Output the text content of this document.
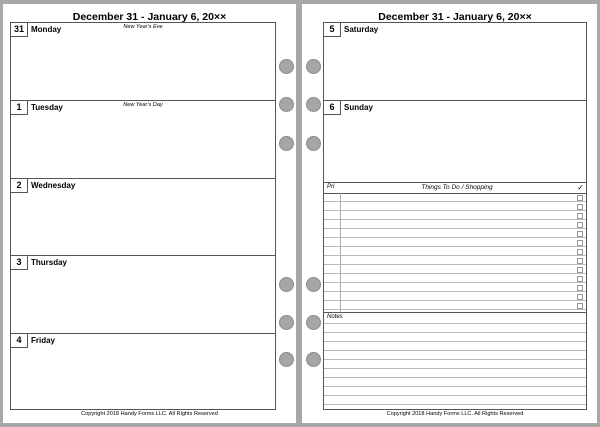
December 31 - January 6, 20××
31 Monday	New Year's Eve
1	Tuesday	New Year's Day
2	Wednesday
3	Thursday
4	Friday
Copyright 2018 Handy Forms LLC. All Rights Reserved
December 31 - January 6, 20××
5	Saturday
6	Sunday
Pri	Things To Do / Shopping	✓
Notes
Copyright 2018 Handy Forms LLC. All Rights Reserved
